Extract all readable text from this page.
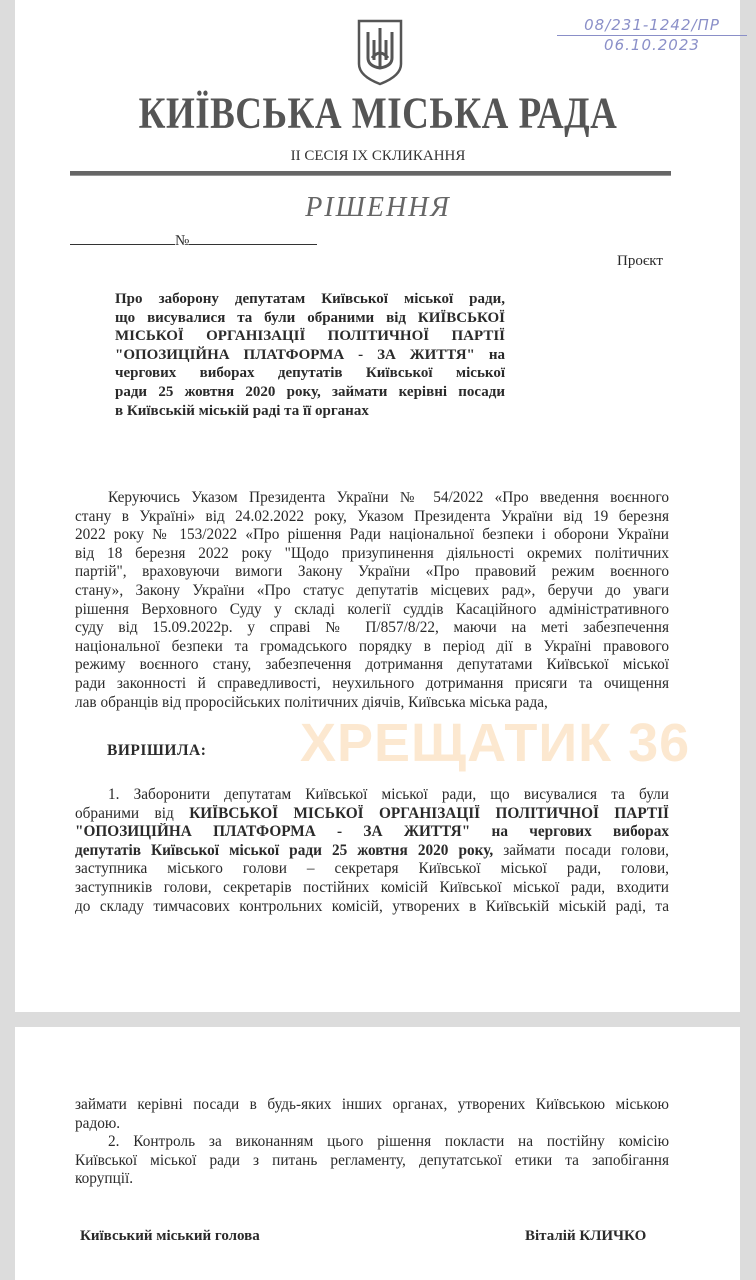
08/231-1242/ПР
06.10.2023
КИЇВСЬКА МІСЬКА РАДА
II СЕСІЯ IX СКЛИКАННЯ
РІШЕННЯ
№
Проєкт
Про заборону депутатам Київської міської ради,
що висувалися та були обраними від КИЇВСЬКОЇ
МІСЬКОЇ ОРГАНІЗАЦІЇ ПОЛІТИЧНОЇ ПАРТІЇ
"ОПОЗИЦІЙНА ПЛАТФОРМА - ЗА ЖИТТЯ" на
чергових виборах депутатів Київської міської
ради 25 жовтня 2020 року, займати керівні посади
в Київській міській раді та її органах
Керуючись Указом Президента України № 54/2022 «Про введення воєнного
стану в Україні» від 24.02.2022 року, Указом Президента України від 19 березня
2022 року № 153/2022 «Про рішення Ради національної безпеки і оборони України
від 18 березня 2022 року "Щодо призупинення діяльності окремих політичних
партій", враховуючи вимоги Закону України «Про правовий режим воєнного
стану», Закону України «Про статус депутатів місцевих рад», беручи до уваги
рішення Верховного Суду у складі колегії суддів Касаційного адміністративного
суду від 15.09.2022р. у справі № П/857/8/22, маючи на меті забезпечення
національної безпеки та громадського порядку в період дії в Україні правового
режиму воєнного стану, забезпечення дотримання депутатами Київської міської
ради законності й справедливості, неухильного дотримання присяги та очищення
лав обранців від проросійських політичних діячів, Київська міська рада,
ХРЕЩАТИК 36
ВИРІШИЛА:
1. Заборонити депутатам Київської міської ради, що висувалися та були
обраними від КИЇВСЬКОЇ МІСЬКОЇ ОРГАНІЗАЦІЇ ПОЛІТИЧНОЇ ПАРТІЇ
"ОПОЗИЦІЙНА ПЛАТФОРМА - ЗА ЖИТТЯ" на чергових виборах
депутатів Київської міської ради 25 жовтня 2020 року, займати посади голови,
заступника міського голови – секретаря Київської міської ради, голови,
заступників голови, секретарів постійних комісій Київської міської ради, входити
до складу тимчасових контрольних комісій, утворених в Київській міській раді, та
займати керівні посади в будь-яких інших органах, утворених Київською міською
радою.
2. Контроль за виконанням цього рішення покласти на постійну комісію
Київської міської ради з питань регламенту, депутатської етики та запобігання
корупції.
Київський міський голова	Віталій КЛИЧКО
